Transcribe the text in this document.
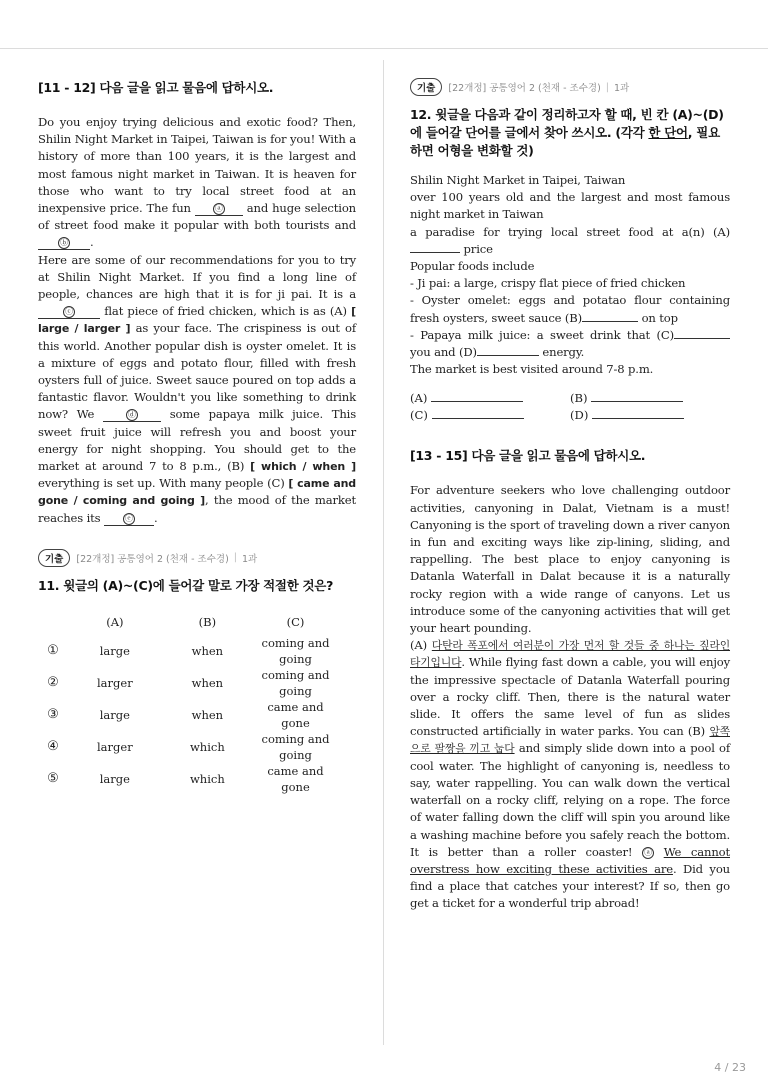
[11 - 12] 다음 글을 읽고 물음에 답하시오.

Do you enjoy trying delicious and exotic food? Then, Shilin Night Market in Taipei, Taiwan is for you! With a history of more than 100 years, it is the largest and most famous night market in Taiwan. It is heaven for those who want to try local street food at an inexpensive price. The fun	ⓐ and huge selection of street food make it popular with both tourists and ⓑ .

Here are some of our recommendations for you to try at Shilin Night Market. If you find a long line of people, chances are high that it is for ji pai. It is a ⓒ flat piece of fried chicken, which is as (A) [ large / larger ] as your face. The crispiness is out of this world. Another popular dish is oyster omelet. It is a mixture of eggs and potato flour, filled with fresh oysters full of juice. Sweet sauce poured on top adds a fantastic flavor. Wouldn't you like something to drink now? We	ⓓ some papaya milk juice. This sweet fruit juice will refresh you and boost your energy for night shopping. You should get to the market at around 7 to 8 p.m., (B) [ which / when ] everything is set up. With many people (C) [ came and gone / coming and going ], the mood of the market reaches its	ⓔ .

기출	[22개정] 공통영어 2 (천재 - 조수경) | 1과
11. 윗글의 (A)~(C)에 들어갈 말로 가장 적절한 것은?
	(A)	(B)	(C)
①	large	when	coming and going
②	larger	when	coming and going
③	large	when	came and gone
④	larger	which	coming and going
⑤	large	which	came and gone
기출	[22개정] 공통영어 2 (천재 - 조수경) | 1과
12. 윗글을 다음과 같이 정리하고자 할 때, 빈 칸 (A)~(D)에 들어갈 단어를 글에서 찾아 쓰시오. (각각 한 단어, 필요하면 어형을 변화할 것)
Shilin Night Market in Taipei, Taiwan
over 100 years old and the largest and most famous night market in Taiwan
a paradise for trying local street food at a(n) (A) price
Popular foods include
- Ji pai: a large, crispy flat piece of fried chicken
- Oyster omelet: eggs and potatao flour containing fresh oysters, sweet sauce (B)	on top
- Papaya milk juice: a sweet drink that (C) you and (D)	energy.
The market is best visited around 7-8 p.m.
(A)	(B)
(C)	(D)
[13 - 15] 다음 글을 읽고 물음에 답하시오.

For adventure seekers who love challenging outdoor activities, canyoning in Dalat, Vietnam is a must! Canyoning is the sport of traveling down a river canyon in fun and exciting ways like zip-lining, sliding, and rappelling. The best place to enjoy canyoning is Datanla Waterfall in Dalat because it is a naturally rocky region with a wide range of canyons. Let us introduce some of the canyoning activities that will get your heart pounding.

(A) 다탄라 폭포에서 여러분이 가장 먼저 할 것들 중 하나는 짚라인 타기입니다. While flying fast down a cable, you will enjoy the impressive spectacle of Datanla Waterfall pouring over a rocky cliff. Then, there is the natural water slide. It offers the same level of fun as slides constructed artificially in water parks. You can (B) 앞쪽으로 팔짱을 끼고 눕다 and simply slide down into a pool of cool water. The highlight of canyoning is, needless to say, water rappelling. You can walk down the vertical waterfall on a rocky cliff, relying on a rope. The force of water falling down the cliff will spin you around like a washing machine before you safely reach the bottom. It is better than a roller coaster! ⓐ We cannot overstress how exciting these activities are. Did you find a place that catches your interest? If so, then go get a ticket for a wonderful trip abroad!

4 / 23
